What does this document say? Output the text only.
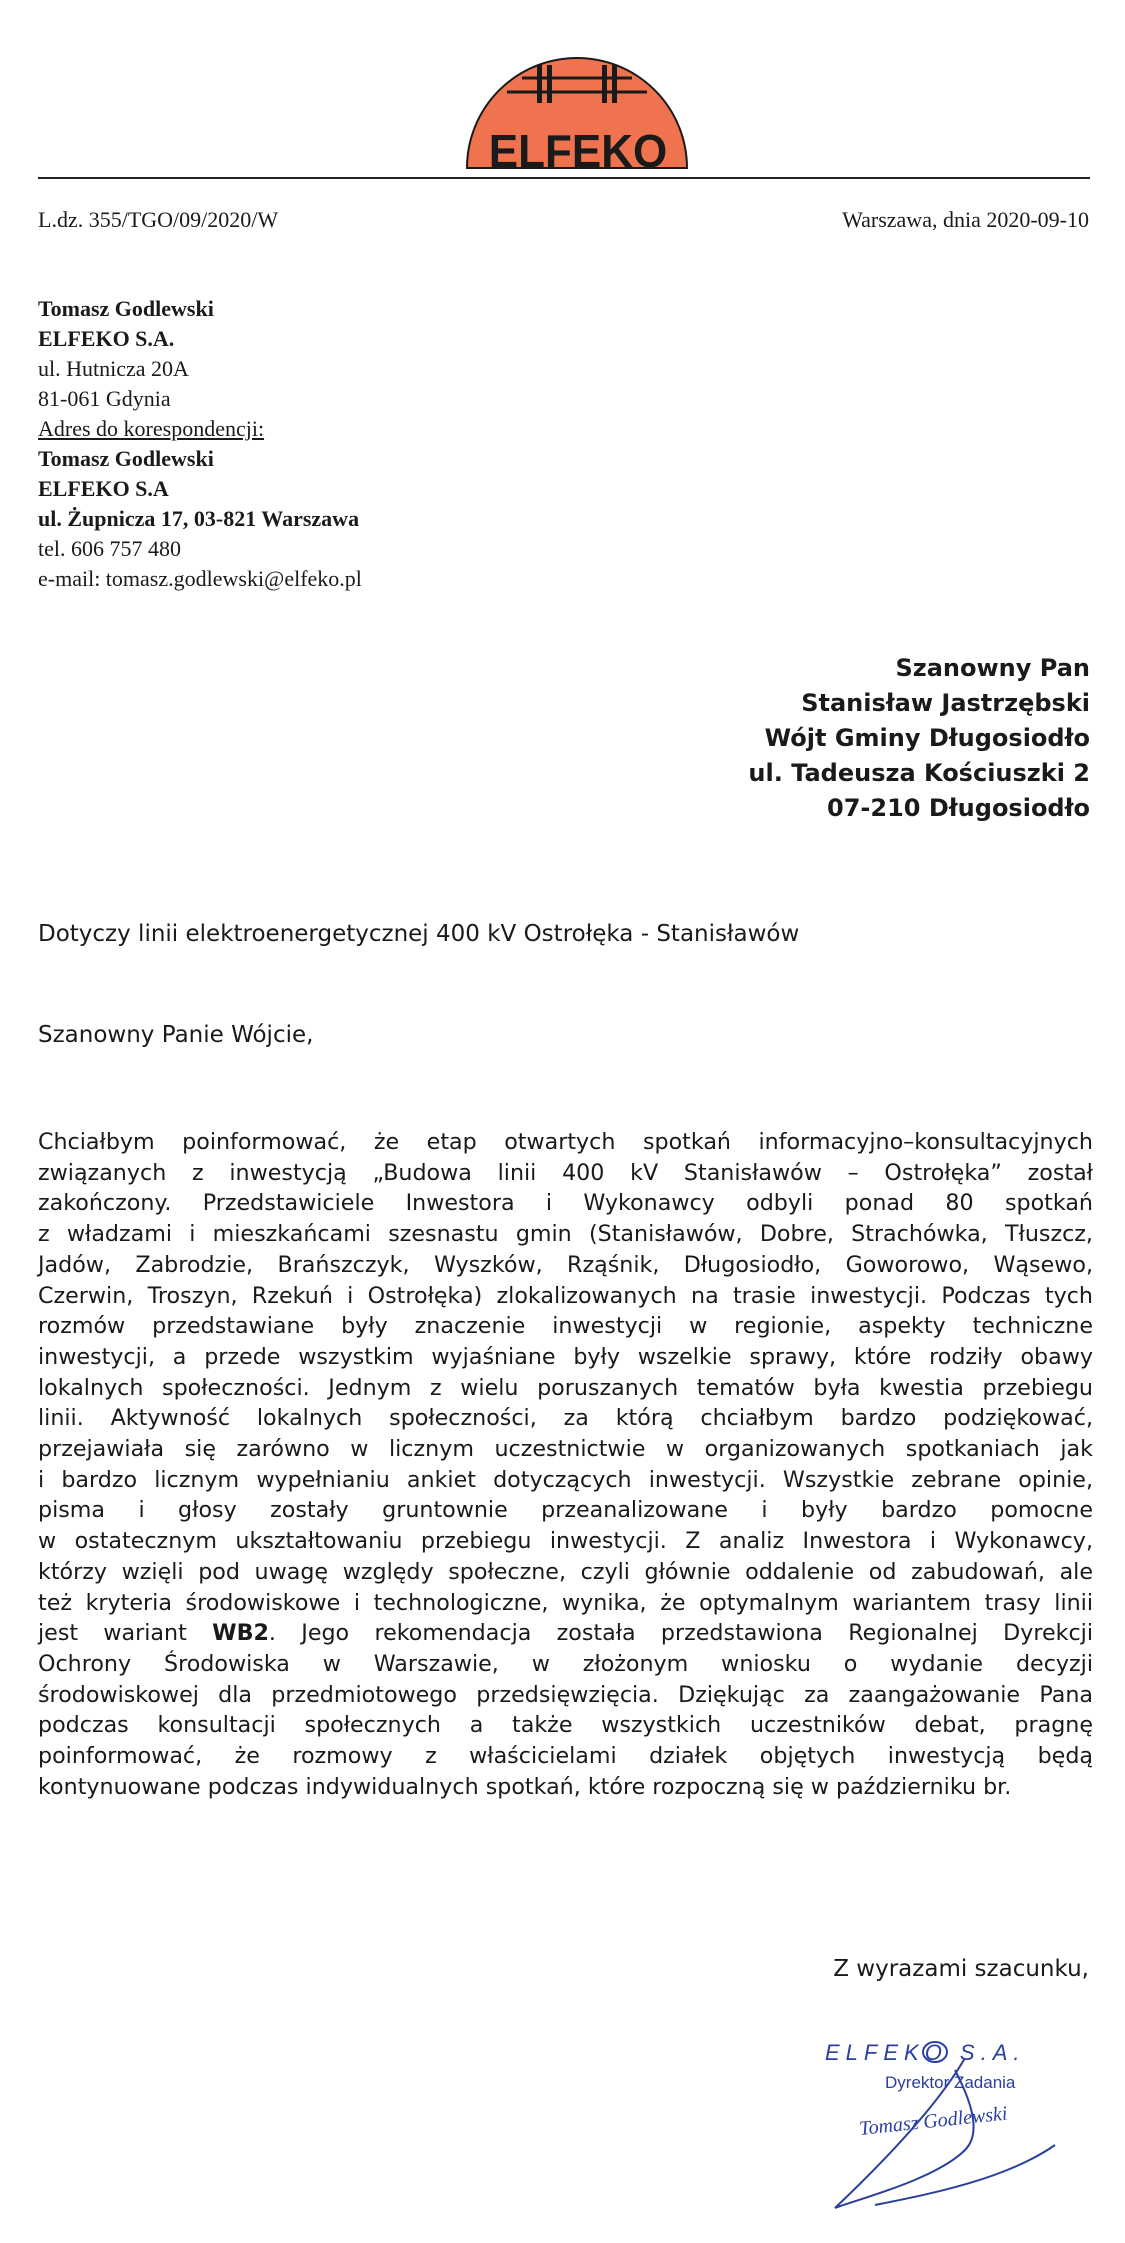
ELFEKO
L.dz. 355/TGO/09/2020/W	Warszawa, dnia 2020-09-10
Tomasz Godlewski
ELFEKO S.A.
ul. Hutnicza 20A
81-061 Gdynia
Adres do korespondencji:
Tomasz Godlewski
ELFEKO S.A
ul. Żupnicza 17, 03-821 Warszawa
tel. 606 757 480
e-mail: tomasz.godlewski@elfeko.pl
Szanowny Pan
Stanisław Jastrzębski
Wójt Gminy Długosiodło
ul. Tadeusza Kościuszki 2
07-210 Długosiodło
Dotyczy linii elektroenergetycznej 400 kV Ostrołęka - Stanisławów
Szanowny Panie Wójcie,
Chciałbym poinformować, że etap otwartych spotkań informacyjno–konsultacyjnych
związanych z inwestycją „Budowa linii 400 kV Stanisławów – Ostrołęka” został
zakończony. Przedstawiciele Inwestora i Wykonawcy odbyli ponad 80 spotkań
z władzami i mieszkańcami szesnastu gmin (Stanisławów, Dobre, Strachówka, Tłuszcz,
Jadów, Zabrodzie, Brańszczyk, Wyszków, Rząśnik, Długosiodło, Goworowo, Wąsewo,
Czerwin, Troszyn, Rzekuń i Ostrołęka) zlokalizowanych na trasie inwestycji. Podczas tych
rozmów przedstawiane były znaczenie inwestycji w regionie, aspekty techniczne
inwestycji, a przede wszystkim wyjaśniane były wszelkie sprawy, które rodziły obawy
lokalnych społeczności. Jednym z wielu poruszanych tematów była kwestia przebiegu
linii. Aktywność lokalnych społeczności, za którą chciałbym bardzo podziękować,
przejawiała się zarówno w licznym uczestnictwie w organizowanych spotkaniach jak
i bardzo licznym wypełnianiu ankiet dotyczących inwestycji. Wszystkie zebrane opinie,
pisma i głosy zostały gruntownie przeanalizowane i były bardzo pomocne
w ostatecznym ukształtowaniu przebiegu inwestycji. Z analiz Inwestora i Wykonawcy,
którzy wzięli pod uwagę względy społeczne, czyli głównie oddalenie od zabudowań, ale
też kryteria środowiskowe i technologiczne, wynika, że optymalnym wariantem trasy linii
jest wariant WB2. Jego rekomendacja została przedstawiona Regionalnej Dyrekcji
Ochrony Środowiska w Warszawie, w złożonym wniosku o wydanie decyzji
środowiskowej dla przedmiotowego przedsięwzięcia. Dziękując za zaangażowanie Pana
podczas konsultacji społecznych a także wszystkich uczestników debat, pragnę
poinformować, że rozmowy z właścicielami działek objętych inwestycją będą
kontynuowane podczas indywidualnych spotkań, które rozpoczną się w październiku br.
Z wyrazami szacunku,
ELFEKO S.A.
Dyrektor Zadania
Tomasz Godlewski
